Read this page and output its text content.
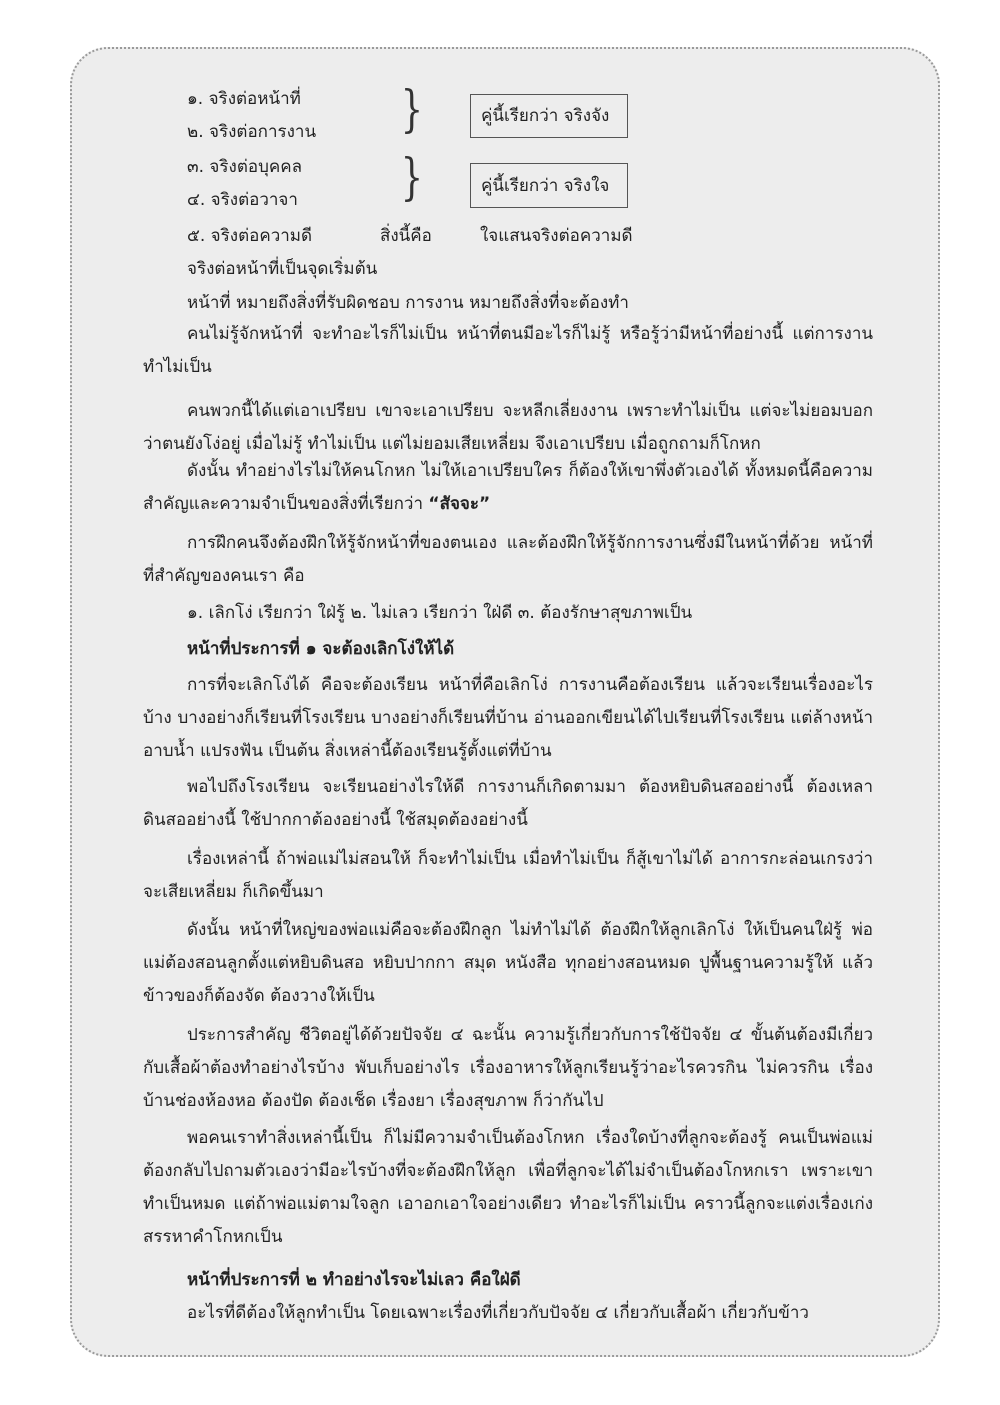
๑. จริงต่อหน้าที่
๒. จริงต่อการงาน }	คู่นี้เรียกว่า จริงจัง
๓. จริงต่อบุคคล
๔. จริงต่อวาจา }	คู่นี้เรียกว่า จริงใจ
๕. จริงต่อความดี	สิ่งนี้คือ	ใจแสนจริงต่อความดี
จริงต่อหน้าที่เป็นจุดเริ่มต้น
หน้าที่ หมายถึงสิ่งที่รับผิดชอบ การงาน หมายถึงสิ่งที่จะต้องทำ

คนไม่รู้จักหน้าที่ จะทำอะไรก็ไม่เป็น หน้าที่ตนมีอะไรก็ไม่รู้ หรือรู้ว่ามีหน้าที่อย่างนี้ แต่การงานทำไม่เป็น

คนพวกนี้ได้แต่เอาเปรียบ เขาจะเอาเปรียบ จะหลีกเลี่ยงงาน เพราะทำไม่เป็น แต่จะไม่ยอมบอกว่าตนยังโง่อยู่ เมื่อไม่รู้ ทำไม่เป็น แต่ไม่ยอมเสียเหลี่ยม จึงเอาเปรียบ เมื่อถูกถามก็โกหก

ดังนั้น ทำอย่างไรไม่ให้คนโกหก ไม่ให้เอาเปรียบใคร ก็ต้องให้เขาพึ่งตัวเองได้ ทั้งหมดนี้คือความสำคัญและความจำเป็นของสิ่งที่เรียกว่า “สัจจะ”

การฝึกคนจึงต้องฝึกให้รู้จักหน้าที่ของตนเอง และต้องฝึกให้รู้จักการงานซึ่งมีในหน้าที่ด้วย หน้าที่ที่สำคัญของคนเรา คือ

๑. เลิกโง่ เรียกว่า ใฝ่รู้ ๒. ไม่เลว เรียกว่า ใฝ่ดี ๓. ต้องรักษาสุขภาพเป็น
หน้าที่ประการที่ ๑ จะต้องเลิกโง่ให้ได้

การที่จะเลิกโง่ได้ คือจะต้องเรียน หน้าที่คือเลิกโง่ การงานคือต้องเรียน แล้วจะเรียนเรื่องอะไรบ้าง บางอย่างก็เรียนที่โรงเรียน บางอย่างก็เรียนที่บ้าน อ่านออกเขียนได้ไปเรียนที่โรงเรียน แต่ล้างหน้า อาบน้ำ แปรงฟัน เป็นต้น สิ่งเหล่านี้ต้องเรียนรู้ตั้งแต่ที่บ้าน

พอไปถึงโรงเรียน จะเรียนอย่างไรให้ดี การงานก็เกิดตามมา ต้องหยิบดินสออย่างนี้ ต้องเหลาดินสออย่างนี้ ใช้ปากกาต้องอย่างนี้ ใช้สมุดต้องอย่างนี้

เรื่องเหล่านี้ ถ้าพ่อแม่ไม่สอนให้ ก็จะทำไม่เป็น เมื่อทำไม่เป็น ก็สู้เขาไม่ได้ อาการกะล่อนเกรงว่าจะเสียเหลี่ยม ก็เกิดขึ้นมา

ดังนั้น หน้าที่ใหญ่ของพ่อแม่คือจะต้องฝึกลูก ไม่ทำไม่ได้ ต้องฝึกให้ลูกเลิกโง่ ให้เป็นคนใฝ่รู้ พ่อแม่ต้องสอนลูกตั้งแต่หยิบดินสอ หยิบปากกา สมุด หนังสือ ทุกอย่างสอนหมด ปูพื้นฐานความรู้ให้ แล้วข้าวของก็ต้องจัด ต้องวางให้เป็น

ประการสำคัญ ชีวิตอยู่ได้ด้วยปัจจัย ๔ ฉะนั้น ความรู้เกี่ยวกับการใช้ปัจจัย ๔ ขั้นต้นต้องมีเกี่ยวกับเสื้อผ้าต้องทำอย่างไรบ้าง พับเก็บอย่างไร เรื่องอาหารให้ลูกเรียนรู้ว่าอะไรควรกิน ไม่ควรกิน เรื่องบ้านช่องห้องหอ ต้องปัด ต้องเช็ด เรื่องยา เรื่องสุขภาพ ก็ว่ากันไป

พอคนเราทำสิ่งเหล่านี้เป็น ก็ไม่มีความจำเป็นต้องโกหก เรื่องใดบ้างที่ลูกจะต้องรู้ คนเป็นพ่อแม่ต้องกลับไปถามตัวเองว่ามีอะไรบ้างที่จะต้องฝึกให้ลูก เพื่อที่ลูกจะได้ไม่จำเป็นต้องโกหกเรา เพราะเขาทำเป็นหมด แต่ถ้าพ่อแม่ตามใจลูก เอาอกเอาใจอย่างเดียว ทำอะไรก็ไม่เป็น คราวนี้ลูกจะแต่งเรื่องเก่ง สรรหาคำโกหกเป็น

หน้าที่ประการที่ ๒ ทำอย่างไรจะไม่เลว คือใฝ่ดี

อะไรที่ดีต้องให้ลูกทำเป็น โดยเฉพาะเรื่องที่เกี่ยวกับปัจจัย ๔ เกี่ยวกับเสื้อผ้า เกี่ยวกับข้าว
